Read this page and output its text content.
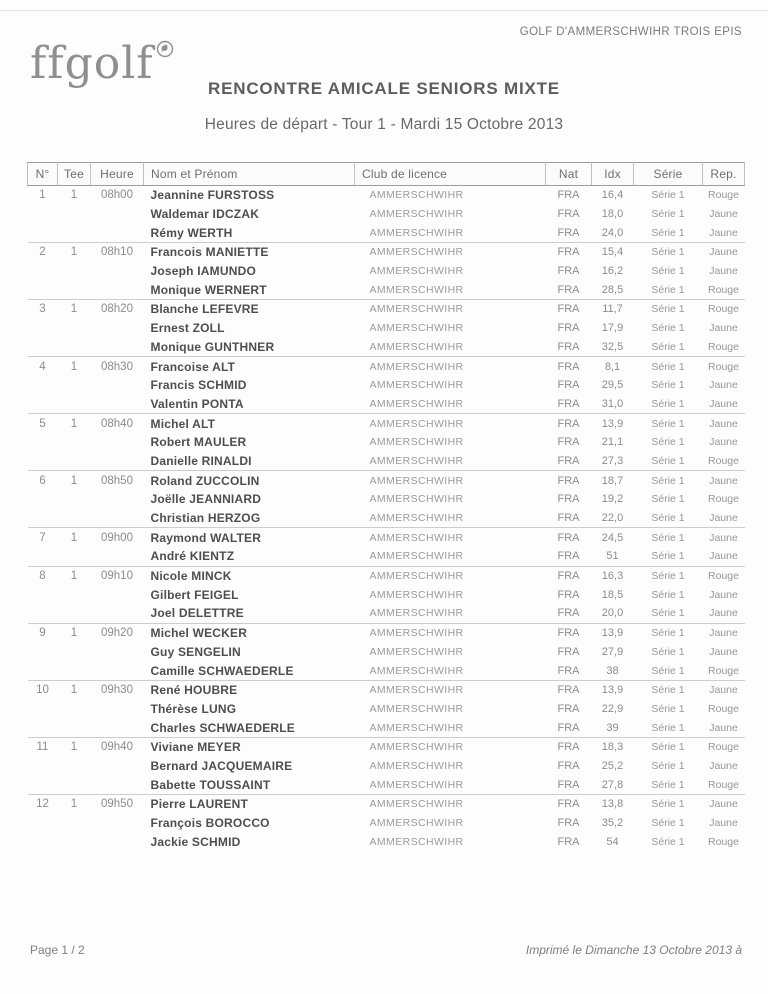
ffgolf
GOLF D'AMMERSCHWIHR TROIS EPIS
RENCONTRE AMICALE SENIORS MIXTE
Heures de départ - Tour 1 - Mardi 15 Octobre 2013
N°	Tee	Heure	Nom et Prénom	Club de licence	Nat	Idx	Série	Rep.
1	1	08h00	Jeannine FURSTOSS	AMMERSCHWIHR	FRA	16,4	Série 1	Rouge
			Waldemar IDCZAK	AMMERSCHWIHR	FRA	18,0	Série 1	Jaune
			Rémy WERTH	AMMERSCHWIHR	FRA	24,0	Série 1	Jaune
2	1	08h10	Francois MANIETTE	AMMERSCHWIHR	FRA	15,4	Série 1	Jaune
			Joseph IAMUNDO	AMMERSCHWIHR	FRA	16,2	Série 1	Jaune
			Monique WERNERT	AMMERSCHWIHR	FRA	28,5	Série 1	Rouge
3	1	08h20	Blanche LEFEVRE	AMMERSCHWIHR	FRA	11,7	Série 1	Rouge
			Ernest ZOLL	AMMERSCHWIHR	FRA	17,9	Série 1	Jaune
			Monique GUNTHNER	AMMERSCHWIHR	FRA	32,5	Série 1	Rouge
4	1	08h30	Francoise ALT	AMMERSCHWIHR	FRA	8,1	Série 1	Rouge
			Francis SCHMID	AMMERSCHWIHR	FRA	29,5	Série 1	Jaune
			Valentin PONTA	AMMERSCHWIHR	FRA	31,0	Série 1	Jaune
5	1	08h40	Michel ALT	AMMERSCHWIHR	FRA	13,9	Série 1	Jaune
			Robert MAULER	AMMERSCHWIHR	FRA	21,1	Série 1	Jaune
			Danielle RINALDI	AMMERSCHWIHR	FRA	27,3	Série 1	Rouge
6	1	08h50	Roland ZUCCOLIN	AMMERSCHWIHR	FRA	18,7	Série 1	Jaune
			Joëlle JEANNIARD	AMMERSCHWIHR	FRA	19,2	Série 1	Rouge
			Christian HERZOG	AMMERSCHWIHR	FRA	22,0	Série 1	Jaune
7	1	09h00	Raymond WALTER	AMMERSCHWIHR	FRA	24,5	Série 1	Jaune
			André KIENTZ	AMMERSCHWIHR	FRA	51	Série 1	Jaune
8	1	09h10	Nicole MINCK	AMMERSCHWIHR	FRA	16,3	Série 1	Rouge
			Gilbert FEIGEL	AMMERSCHWIHR	FRA	18,5	Série 1	Jaune
			Joel DELETTRE	AMMERSCHWIHR	FRA	20,0	Série 1	Jaune
9	1	09h20	Michel WECKER	AMMERSCHWIHR	FRA	13,9	Série 1	Jaune
			Guy SENGELIN	AMMERSCHWIHR	FRA	27,9	Série 1	Jaune
			Camille SCHWAEDERLE	AMMERSCHWIHR	FRA	38	Série 1	Rouge
10	1	09h30	René HOUBRE	AMMERSCHWIHR	FRA	13,9	Série 1	Jaune
			Thérèse LUNG	AMMERSCHWIHR	FRA	22,9	Série 1	Rouge
			Charles SCHWAEDERLE	AMMERSCHWIHR	FRA	39	Série 1	Jaune
11	1	09h40	Viviane MEYER	AMMERSCHWIHR	FRA	18,3	Série 1	Rouge
			Bernard JACQUEMAIRE	AMMERSCHWIHR	FRA	25,2	Série 1	Jaune
			Babette TOUSSAINT	AMMERSCHWIHR	FRA	27,8	Série 1	Rouge
12	1	09h50	Pierre LAURENT	AMMERSCHWIHR	FRA	13,8	Série 1	Jaune
			François BOROCCO	AMMERSCHWIHR	FRA	35,2	Série 1	Jaune
			Jackie SCHMID	AMMERSCHWIHR	FRA	54	Série 1	Rouge
Page 1 / 2	Imprimé le Dimanche 13 Octobre 2013 à
